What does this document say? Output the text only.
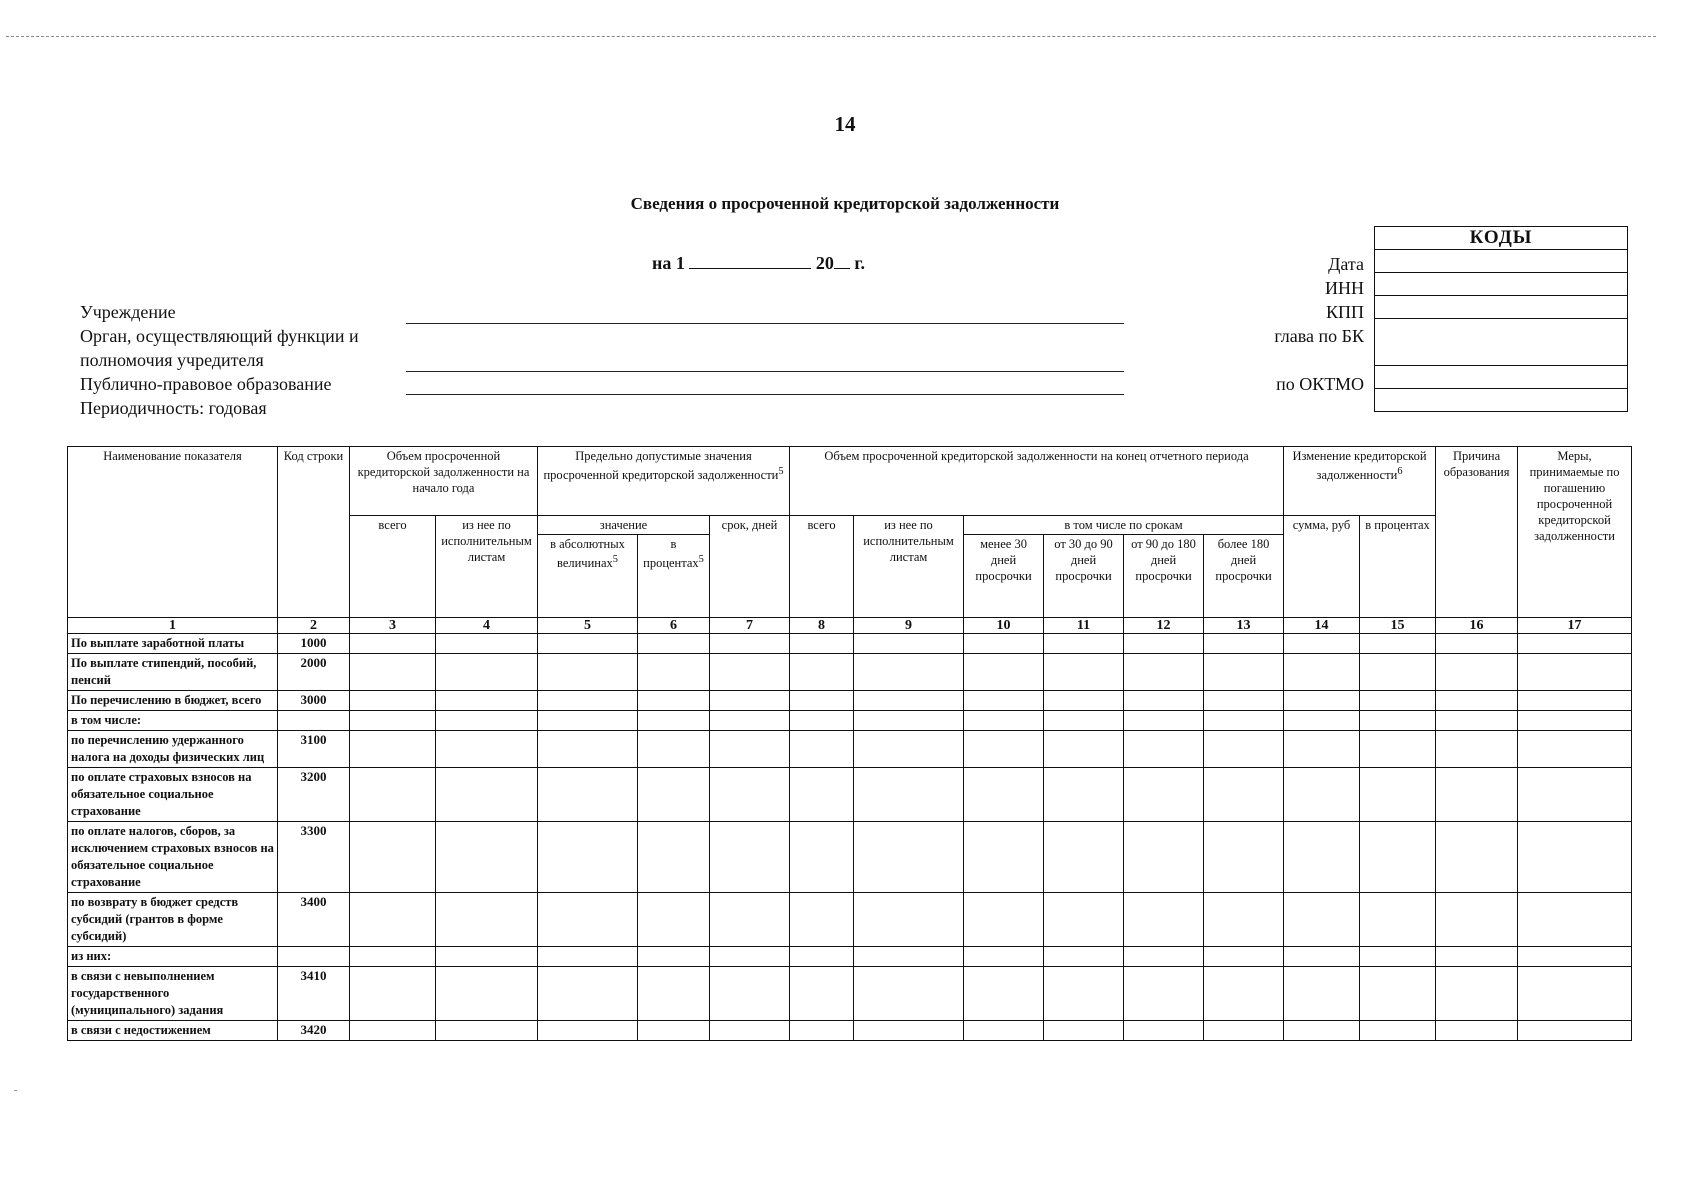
14
Сведения о просроченной кредиторской задолженности
на 1	20 г.
Учреждение
Орган, осуществляющий функции и
полномочия учредителя
Публично-правовое образование
Периодичность: годовая
Дата
ИНН
КПП
глава по БК
по ОКТМО
КОДЫ

Наименование показателя	Код строки	Объем просроченной кредиторской задолженности на начало года		Предельно допустимые значения просроченной кредиторской задолженности$^5$			Объем просроченной кредиторской задолженности на конец отчетного периода						Изменение кредиторской задолженности$^6$		Причина образования	Меры, принимаемые по погашению просроченной кредиторской задолженности
		всего	из нее по исполнительным листам	значение		срок, дней	всего	из нее по исполнительным листам	в том числе по срокам				сумма, руб	в процентах		
				в абсолютных величинах$^5$	в процентах$^5$				менее 30 дней просрочки	от 30 до 90 дней просрочки	от 90 до 180 дней просрочки	более 180 дней просрочки				
1	2	3	4	5	6	7	8	9	10	11	12	13	14	15	16	17
По выплате заработной платы	1000															
По выплате стипендий, пособий, пенсий	2000															
По перечислению в бюджет, всего	3000															
в том числе:																
по перечислению удержанного налога на доходы физических лиц	3100															
по оплате страховых взносов на обязательное социальное страхование	3200															
по оплате налогов, сборов, за исключением страховых взносов на обязательное социальное страхование	3300															
по возврату в бюджет средств субсидий (грантов в форме субсидий)	3400															
из них:																
в связи с невыполнением государственного (муниципального) задания	3410															
в связи с недостижением	3420															
